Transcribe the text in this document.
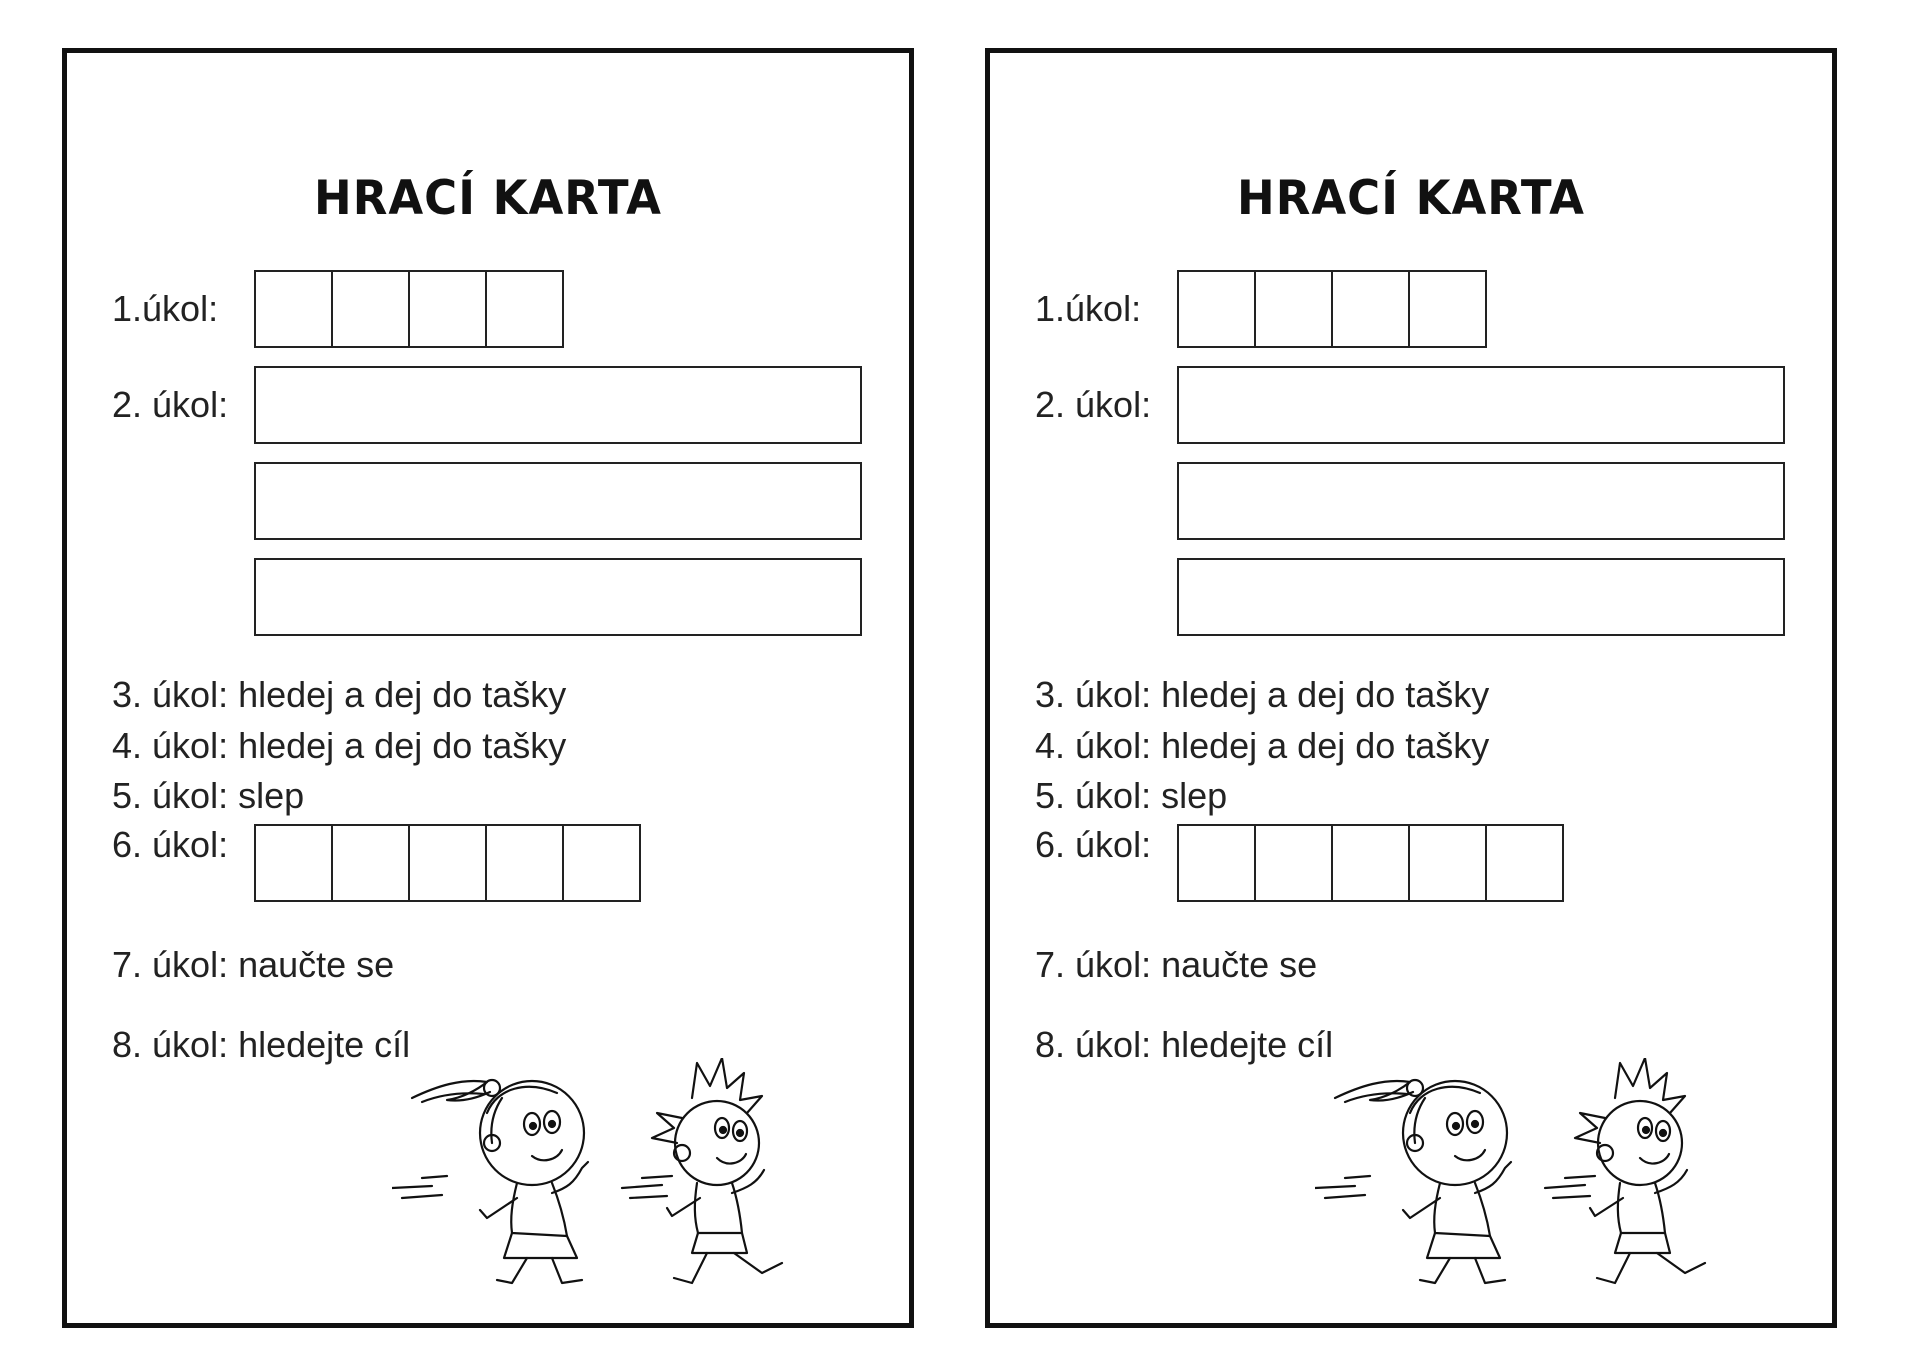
HRACÍ KARTA
1.úkol:
2. úkol:
3. úkol: hledej a dej do tašky
4. úkol: hledej a dej do tašky
5. úkol: slep
6. úkol:
7. úkol: naučte se
8. úkol: hledejte cíl
HRACÍ KARTA
1.úkol:
2. úkol:
3. úkol: hledej a dej do tašky
4. úkol: hledej a dej do tašky
5. úkol: slep
6. úkol:
7. úkol: naučte se
8. úkol: hledejte cíl
